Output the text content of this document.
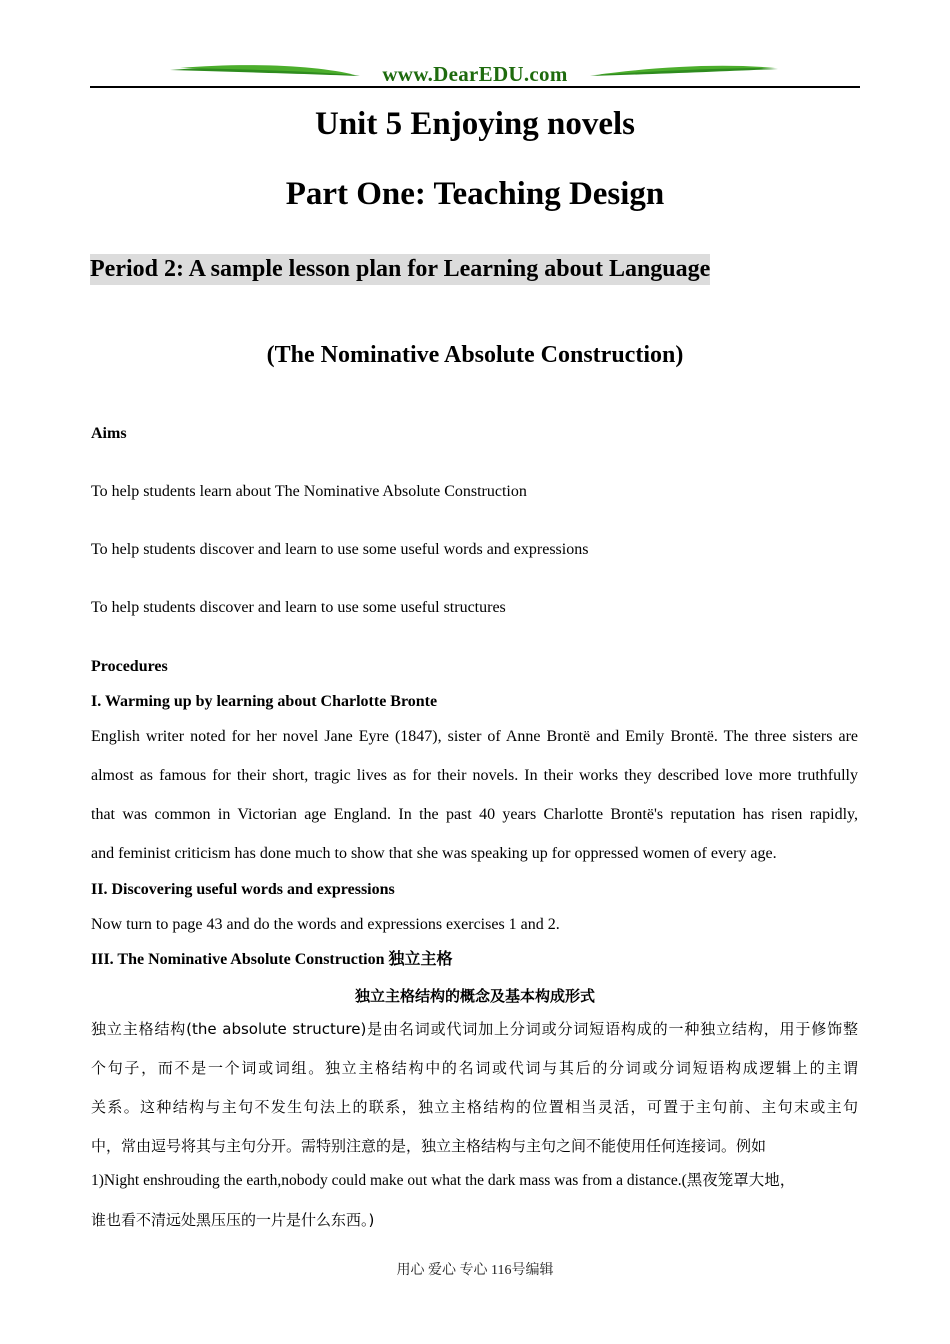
www.DearEDU.com
Unit 5 Enjoying novels
Part One: Teaching Design
Period 2: A sample lesson plan for Learning about Language
(The Nominative Absolute Construction)
Aims
To help students learn about The Nominative Absolute Construction
To help students discover and learn to use some useful words and expressions
To help students discover and learn to use some useful structures
Procedures
I. Warming up by learning about Charlotte Bronte
English writer noted for her novel Jane Eyre (1847), sister of Anne Brontë and Emily Brontë. The three sisters are
almost as famous for their short, tragic lives as for their novels. In their works they described love more truthfully
that was common in Victorian age England. In the past 40 years Charlotte Brontë's reputation has risen rapidly,
and feminist criticism has done much to show that she was speaking up for oppressed women of every age.
II. Discovering useful words and expressions
Now turn to page 43 and do the words and expressions exercises 1 and 2.
III. The Nominative Absolute Construction 独立主格
独立主格结构的概念及基本构成形式
独立主格结构(the absolute structure)是由名词或代词加上分词或分词短语构成的一种独立结构，用于修饰整
个句子，而不是一个词或词组。独立主格结构中的名词或代词与其后的分词或分词短语构成逻辑上的主谓
关系。这种结构与主句不发生句法上的联系，独立主格结构的位置相当灵活，可置于主句前、主句末或主句
中，常由逗号将其与主句分开。需特别注意的是，独立主格结构与主句之间不能使用任何连接词。例如
1)Night enshrouding the earth,nobody could make out what the dark mass was from a distance.(黑夜笼罩大地，
谁也看不清远处黑压压的一片是什么东西。)
用心 爱心 专心 116号编辑
